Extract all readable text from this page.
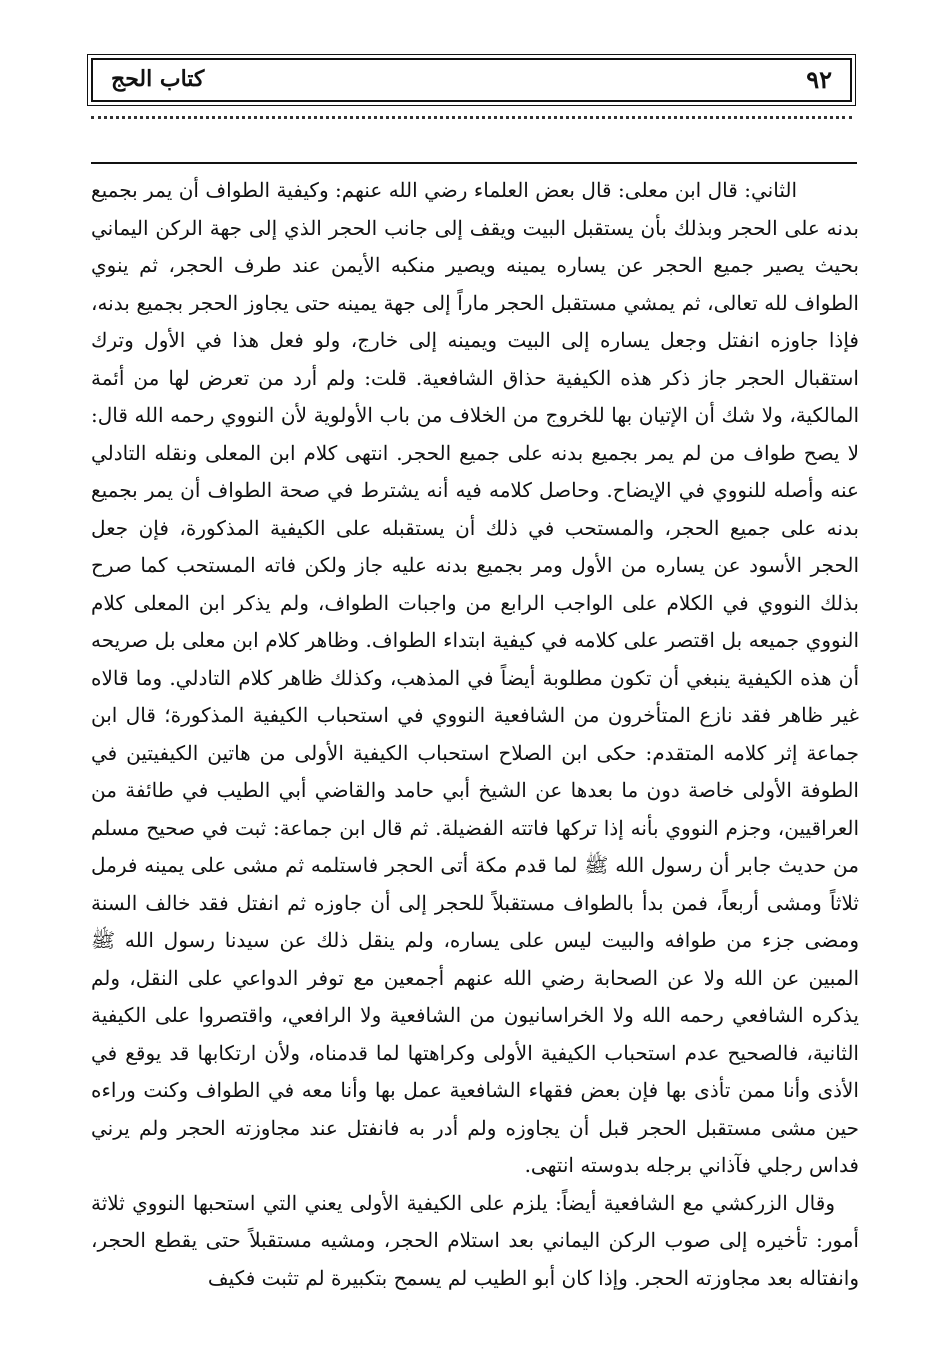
كتاب الحج	٩٢

الثاني: قال ابن معلى: قال بعض العلماء رضي الله عنهم: وكيفية الطواف أن يمر بجميع بدنه على الحجر وبذلك بأن يستقبل البيت ويقف إلى جانب الحجر الذي إلى جهة الركن اليماني بحيث يصير جميع الحجر عن يساره يمينه ويصير منكبه الأيمن عند طرف الحجر، ثم ينوي الطواف لله تعالى، ثم يمشي مستقبل الحجر ماراً إلى جهة يمينه حتى يجاوز الحجر بجميع بدنه، فإذا جاوزه انفتل وجعل يساره إلى البيت ويمينه إلى خارج، ولو فعل هذا في الأول وترك استقبال الحجر جاز ذكر هذه الكيفية حذاق الشافعية. قلت: ولم أرد من تعرض لها من أئمة المالكية، ولا شك أن الإتيان بها للخروج من الخلاف من باب الأولوية لأن النووي رحمه الله قال: لا يصح طواف من لم يمر بجميع بدنه على جميع الحجر. انتهى كلام ابن المعلى ونقله التادلي عنه وأصله للنووي في الإيضاح. وحاصل كلامه فيه أنه يشترط في صحة الطواف أن يمر بجميع بدنه على جميع الحجر، والمستحب في ذلك أن يستقبله على الكيفية المذكورة، فإن جعل الحجر الأسود عن يساره من الأول ومر بجميع بدنه عليه جاز ولكن فاته المستحب كما صرح بذلك النووي في الكلام على الواجب الرابع من واجبات الطواف، ولم يذكر ابن المعلى كلام النووي جميعه بل اقتصر على كلامه في كيفية ابتداء الطواف. وظاهر كلام ابن معلى بل صريحه أن هذه الكيفية ينبغي أن تكون مطلوبة أيضاً في المذهب، وكذلك ظاهر كلام التادلي. وما قالاه غير ظاهر فقد نازع المتأخرون من الشافعية النووي في استحباب الكيفية المذكورة؛ قال ابن جماعة إثر كلامه المتقدم: حكى ابن الصلاح استحباب الكيفية الأولى من هاتين الكيفيتين في الطوفة الأولى خاصة دون ما بعدها عن الشيخ أبي حامد والقاضي أبي الطيب في طائفة من العراقيين، وجزم النووي بأنه إذا تركها فاتته الفضيلة. ثم قال ابن جماعة: ثبت في صحيح مسلم من حديث جابر أن رسول الله ﷺ لما قدم مكة أتى الحجر فاستلمه ثم مشى على يمينه فرمل ثلاثاً ومشى أربعاً، فمن بدأ بالطواف مستقبلاً للحجر إلى أن جاوزه ثم انفتل فقد خالف السنة ومضى جزء من طوافه والبيت ليس على يساره، ولم ينقل ذلك عن سيدنا رسول الله ﷺ المبين عن الله ولا عن الصحابة رضي الله عنهم أجمعين مع توفر الدواعي على النقل، ولم يذكره الشافعي رحمه الله ولا الخراسانيون من الشافعية ولا الرافعي، واقتصروا على الكيفية الثانية، فالصحيح عدم استحباب الكيفية الأولى وكراهتها لما قدمناه، ولأن ارتكابها قد يوقع في الأذى وأنا ممن تأذى بها فإن بعض فقهاء الشافعية عمل بها وأنا معه في الطواف وكنت وراءه حين مشى مستقبل الحجر قبل أن يجاوزه ولم أدر به فانفتل عند مجاوزته الحجر ولم يرني فداس رجلي فآذاني برجله بدوسته انتهى.

وقال الزركشي مع الشافعية أيضاً: يلزم على الكيفية الأولى يعني التي استحبها النووي ثلاثة أمور: تأخيره إلى صوب الركن اليماني بعد استلام الحجر، ومشيه مستقبلاً حتى يقطع الحجر، وانفتاله بعد مجاوزته الحجر. وإذا كان أبو الطيب لم يسمح بتكبيرة لم تثبت فكيف
